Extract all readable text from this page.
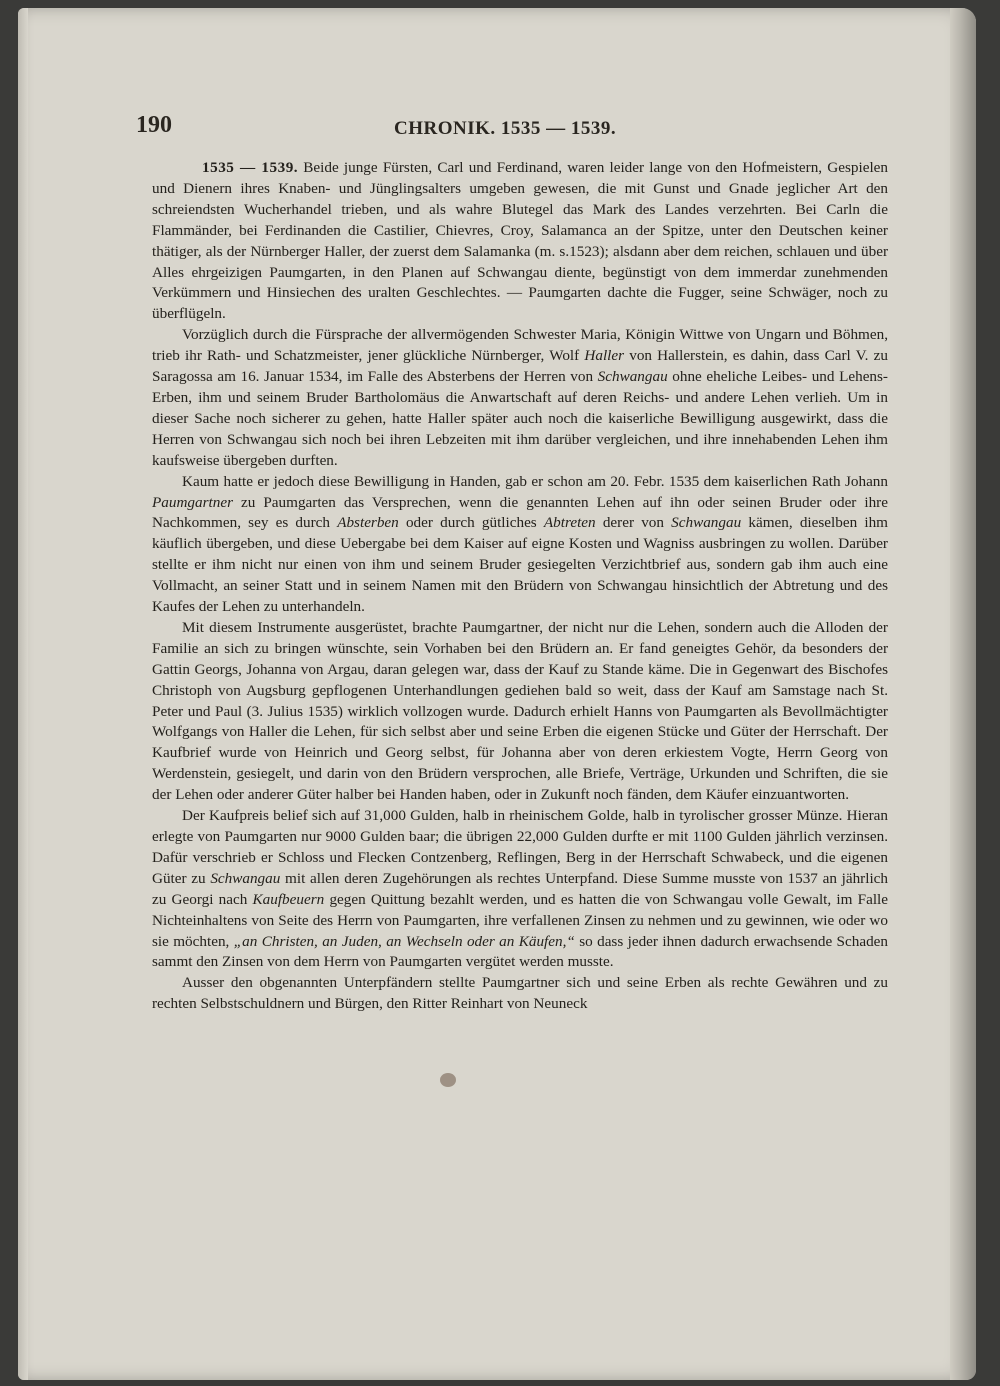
190	CHRONIK. 1535 — 1539.

1535 — 1539. Beide junge Fürsten, Carl und Ferdinand, waren leider lange von den Hofmeistern, Gespielen und Dienern ihres Knaben- und Jünglingsalters umgeben gewesen, die mit Gunst und Gnade jeglicher Art den schreiendsten Wucherhandel trieben, und als wahre Blutegel das Mark des Landes verzehrten. Bei Carln die Flammänder, bei Ferdinanden die Castilier, Chievres, Croy, Salamanca an der Spitze, unter den Deutschen keiner thätiger, als der Nürnberger Haller, der zuerst dem Salamanka (m. s.1523); alsdann aber dem reichen, schlauen und über Alles ehrgeizigen Paumgarten, in den Planen auf Schwangau diente, begünstigt von dem immerdar zunehmenden Verkümmern und Hinsiechen des uralten Geschlechtes. — Paumgarten dachte die Fugger, seine Schwäger, noch zu überflügeln.

Vorzüglich durch die Fürsprache der allvermögenden Schwester Maria, Königin Wittwe von Ungarn und Böhmen, trieb ihr Rath- und Schatzmeister, jener glückliche Nürnberger, Wolf Haller von Hallerstein, es dahin, dass Carl V. zu Saragossa am 16. Januar 1534, im Falle des Absterbens der Herren von Schwangau ohne eheliche Leibes- und Lehens-Erben, ihm und seinem Bruder Bartholomäus die Anwartschaft auf deren Reichs- und andere Lehen verlieh. Um in dieser Sache noch sicherer zu gehen, hatte Haller später auch noch die kaiserliche Bewilligung ausgewirkt, dass die Herren von Schwangau sich noch bei ihren Lebzeiten mit ihm darüber vergleichen, und ihre innehabenden Lehen ihm kaufsweise übergeben durften.

Kaum hatte er jedoch diese Bewilligung in Handen, gab er schon am 20. Febr. 1535 dem kaiserlichen Rath Johann Paumgartner zu Paumgarten das Versprechen, wenn die genannten Lehen auf ihn oder seinen Bruder oder ihre Nachkommen, sey es durch Absterben oder durch gütliches Abtreten derer von Schwangau kämen, dieselben ihm käuflich übergeben, und diese Uebergabe bei dem Kaiser auf eigne Kosten und Wagniss ausbringen zu wollen. Darüber stellte er ihm nicht nur einen von ihm und seinem Bruder gesiegelten Verzichtbrief aus, sondern gab ihm auch eine Vollmacht, an seiner Statt und in seinem Namen mit den Brüdern von Schwangau hinsichtlich der Abtretung und des Kaufes der Lehen zu unterhandeln.

Mit diesem Instrumente ausgerüstet, brachte Paumgartner, der nicht nur die Lehen, sondern auch die Alloden der Familie an sich zu bringen wünschte, sein Vorhaben bei den Brüdern an. Er fand geneigtes Gehör, da besonders der Gattin Georgs, Johanna von Argau, daran gelegen war, dass der Kauf zu Stande käme. Die in Gegenwart des Bischofes Christoph von Augsburg gepflogenen Unterhandlungen gediehen bald so weit, dass der Kauf am Samstage nach St. Peter und Paul (3. Julius 1535) wirklich vollzogen wurde. Dadurch erhielt Hanns von Paumgarten als Bevollmächtigter Wolfgangs von Haller die Lehen, für sich selbst aber und seine Erben die eigenen Stücke und Güter der Herrschaft. Der Kaufbrief wurde von Heinrich und Georg selbst, für Johanna aber von deren erkiestem Vogte, Herrn Georg von Werdenstein, gesiegelt, und darin von den Brüdern versprochen, alle Briefe, Verträge, Urkunden und Schriften, die sie der Lehen oder anderer Güter halber bei Handen haben, oder in Zukunft noch fänden, dem Käufer einzuantworten.

Der Kaufpreis belief sich auf 31,000 Gulden, halb in rheinischem Golde, halb in tyrolischer grosser Münze. Hieran erlegte von Paumgarten nur 9000 Gulden baar; die übrigen 22,000 Gulden durfte er mit 1100 Gulden jährlich verzinsen. Dafür verschrieb er Schloss und Flecken Contzenberg, Reflingen, Berg in der Herrschaft Schwabeck, und die eigenen Güter zu Schwangau mit allen deren Zugehörungen als rechtes Unterpfand. Diese Summe musste von 1537 an jährlich zu Georgi nach Kaufbeuern gegen Quittung bezahlt werden, und es hatten die von Schwangau volle Gewalt, im Falle Nichteinhaltens von Seite des Herrn von Paumgarten, ihre verfallenen Zinsen zu nehmen und zu gewinnen, wie oder wo sie möchten, „an Christen, an Juden, an Wechseln oder an Käufen,“ so dass jeder ihnen dadurch erwachsende Schaden sammt den Zinsen von dem Herrn von Paumgarten vergütet werden musste.

Ausser den obgenannten Unterpfändern stellte Paumgartner sich und seine Erben als rechte Gewähren und zu rechten Selbstschuldnern und Bürgen, den Ritter Reinhart von Neuneck
